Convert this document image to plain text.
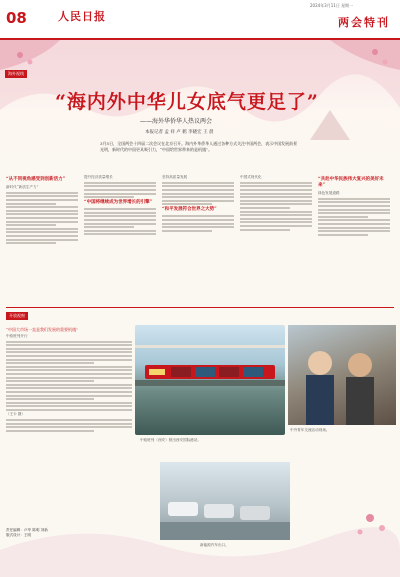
08	人民日报
2024年3月11日 星期一
两会特刊
海外视线
“海内外中华儿女底气更足了”
——海外华侨华人热议两会
本报记者 孟 祥 卢 鹤 李晓宏 王 晨
3月5日，全国两会十四届二次会议在北京召开。海内外华侨华人通过各种方式关注中国两会，表示中国发展前景光明，新时代的中国更具吸引力，“中国给世界带来的是机遇”。
“从不同视角感受到创新活力”
新时代“新质生产力”
提升经济质量增长
“中国将继续成为世界增长的引擎”
坚持高质量发展
“和平发展符合世界之大势”
中国式现代化	“共赴中华民族伟大复兴的美好未来”
绿色发展道路
开放视窗
“中国大市场一直是我们发展的重要机遇”
中欧班列开行
（王卡 摄）
中欧班列（西安）驶出西安国际港站。
中外青年交流活动现场。
新能源汽车出口。
责任编辑：卢华 陈明 刘新
版式设计：王明
